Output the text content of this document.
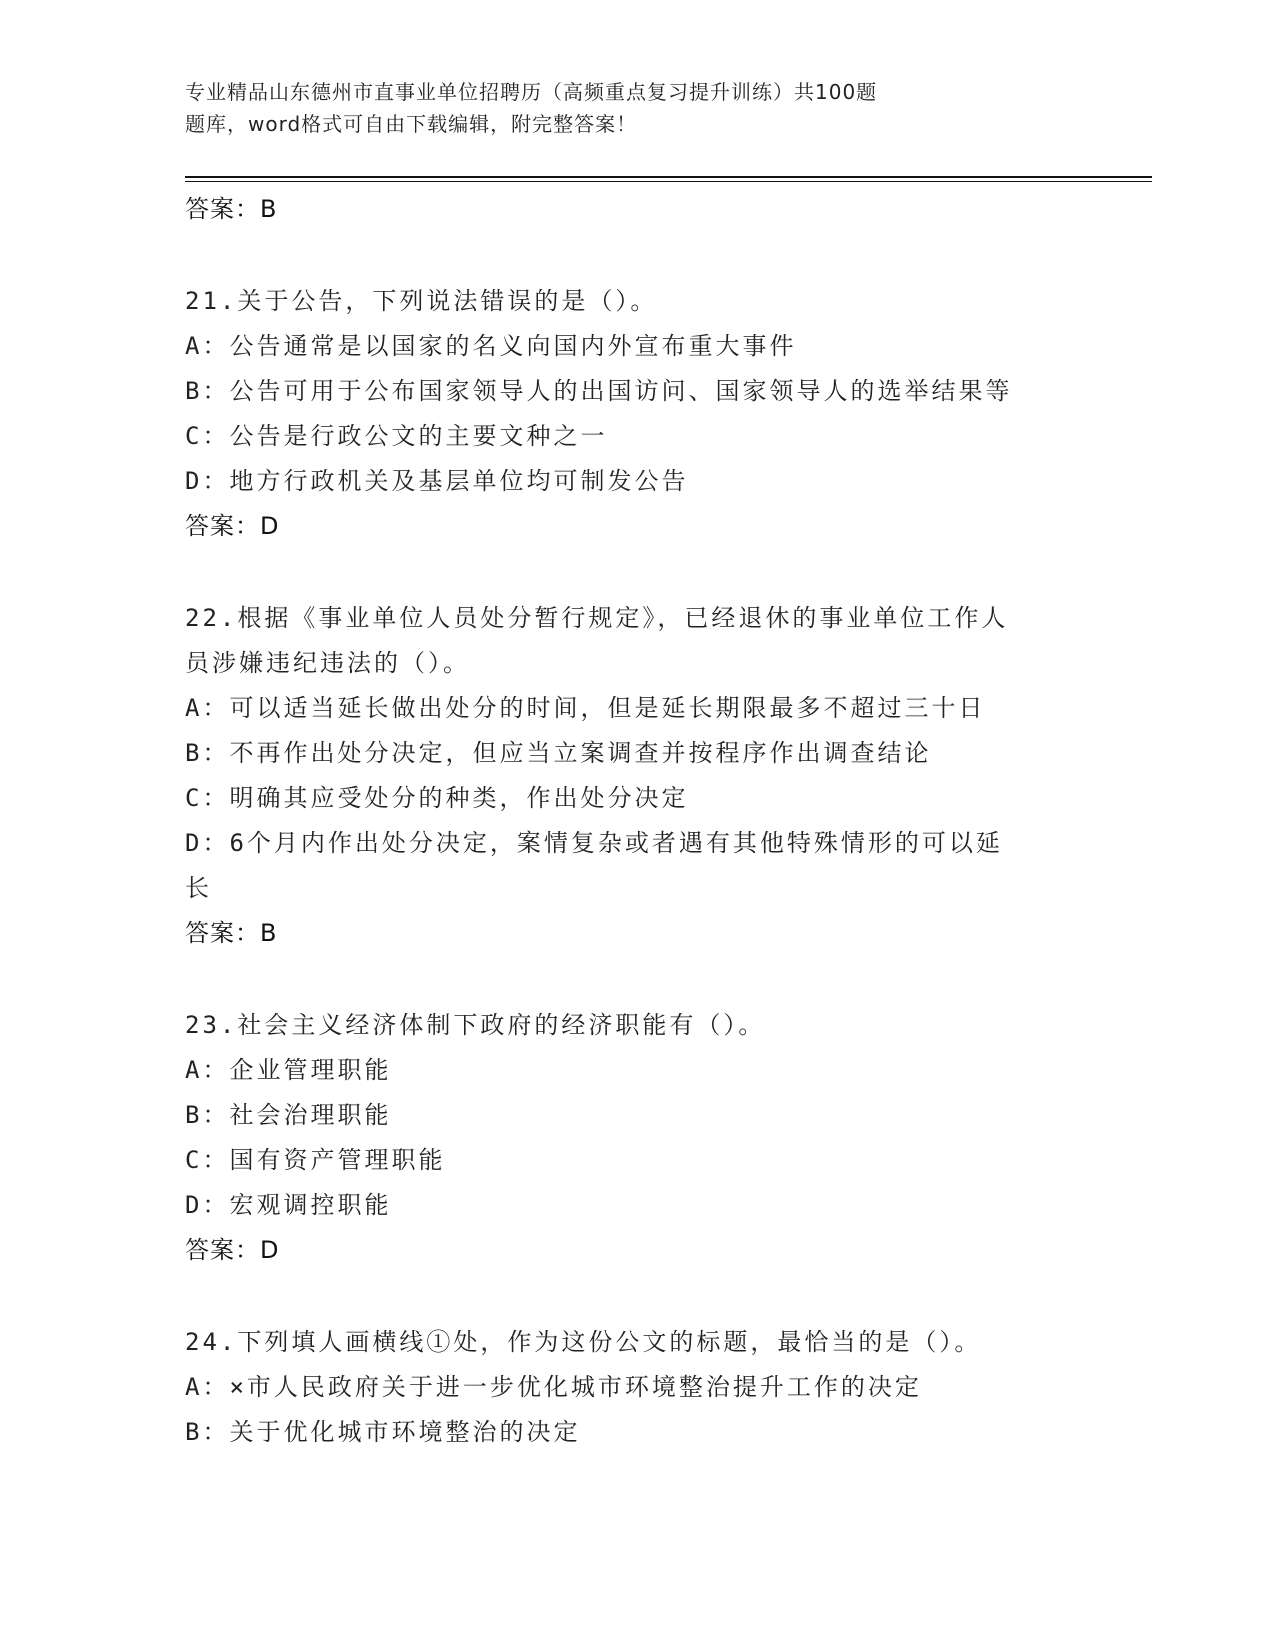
专业精品山东德州市直事业单位招聘历（高频重点复习提升训练）共100题
题库，word格式可自由下载编辑，附完整答案！
答案：B
21.关于公告，下列说法错误的是（）。
A：公告通常是以国家的名义向国内外宣布重大事件
B：公告可用于公布国家领导人的出国访问、国家领导人的选举结果等
C：公告是行政公文的主要文种之一
D：地方行政机关及基层单位均可制发公告
答案：D
22.根据《事业单位人员处分暂行规定》，已经退休的事业单位工作人
员涉嫌违纪违法的（）。
A：可以适当延长做出处分的时间，但是延长期限最多不超过三十日
B：不再作出处分决定，但应当立案调查并按程序作出调查结论
C：明确其应受处分的种类，作出处分决定
D：6个月内作出处分决定，案情复杂或者遇有其他特殊情形的可以延
长
答案：B
23.社会主义经济体制下政府的经济职能有（）。
A：企业管理职能
B：社会治理职能
C：国有资产管理职能
D：宏观调控职能
答案：D
24.下列填人画横线①处，作为这份公文的标题，最恰当的是（）。
A：×市人民政府关于进一步优化城市环境整治提升工作的决定
B：关于优化城市环境整治的决定
